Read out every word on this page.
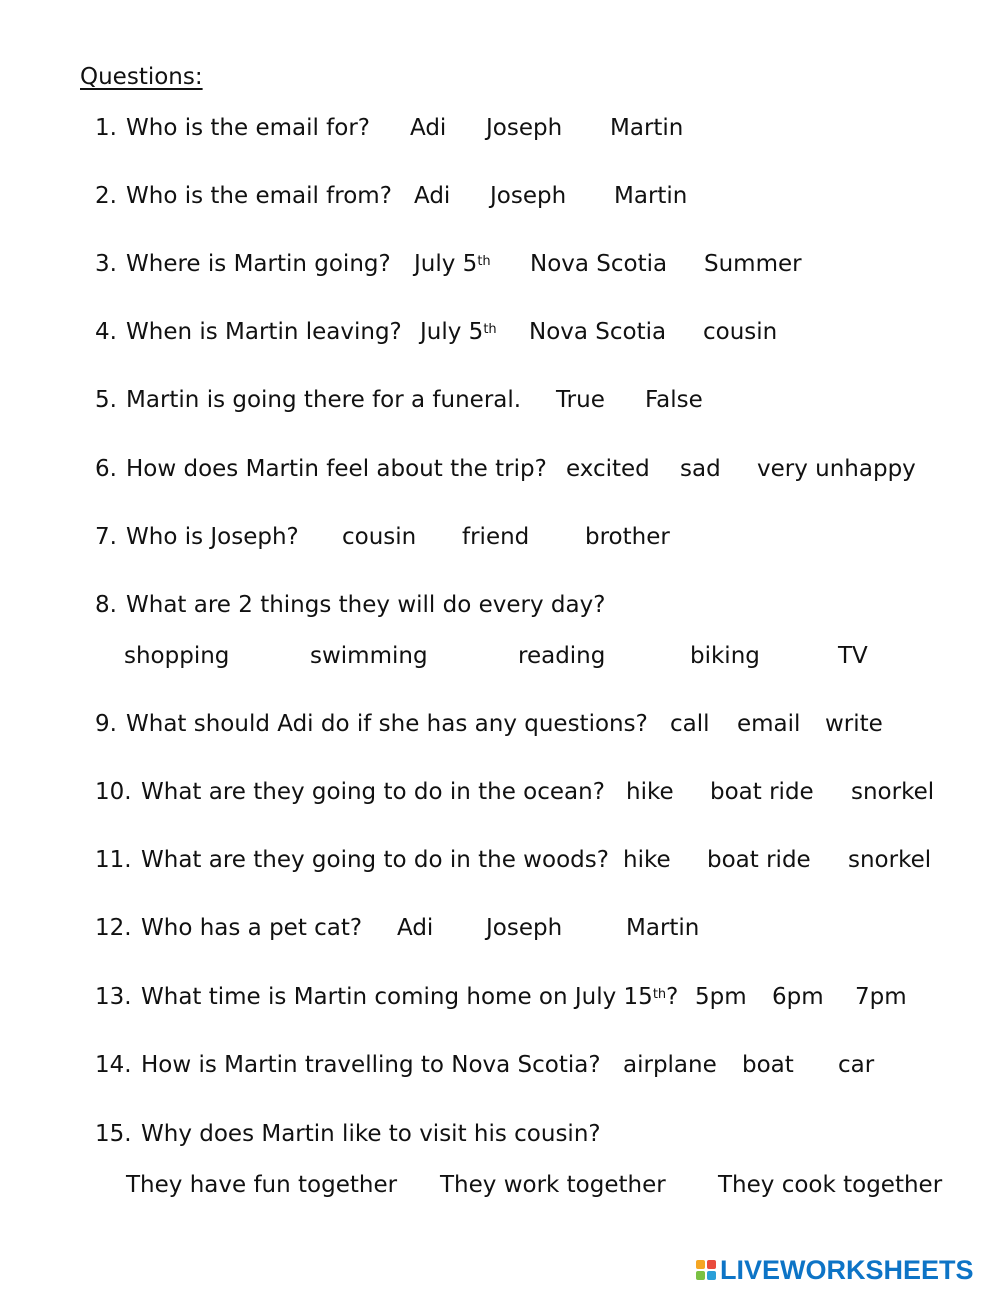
Questions:
1. Who is the email for? Adi Joseph Martin
2. Who is the email from? Adi Joseph Martin
3. Where is Martin going? July 5th Nova Scotia Summer
4. When is Martin leaving? July 5th Nova Scotia cousin
5. Martin is going there for a funeral. True False
6. How does Martin feel about the trip? excited sad very unhappy
7. Who is Joseph? cousin friend brother
8. What are 2 things they will do every day?
shopping	swimming	reading	biking	TV
9. What should Adi do if she has any questions? call email write
10. What are they going to do in the ocean? hike boat ride snorkel
11. What are they going to do in the woods? hike boat ride snorkel
12. Who has a pet cat? Adi Joseph	Martin
13. What time is Martin coming home on July 15th? 5pm 6pm 7pm
14. How is Martin travelling to Nova Scotia? airplane boat car
15. Why does Martin like to visit his cousin?
They have fun together They work together They cook together
LIVEWORKSHEETS
